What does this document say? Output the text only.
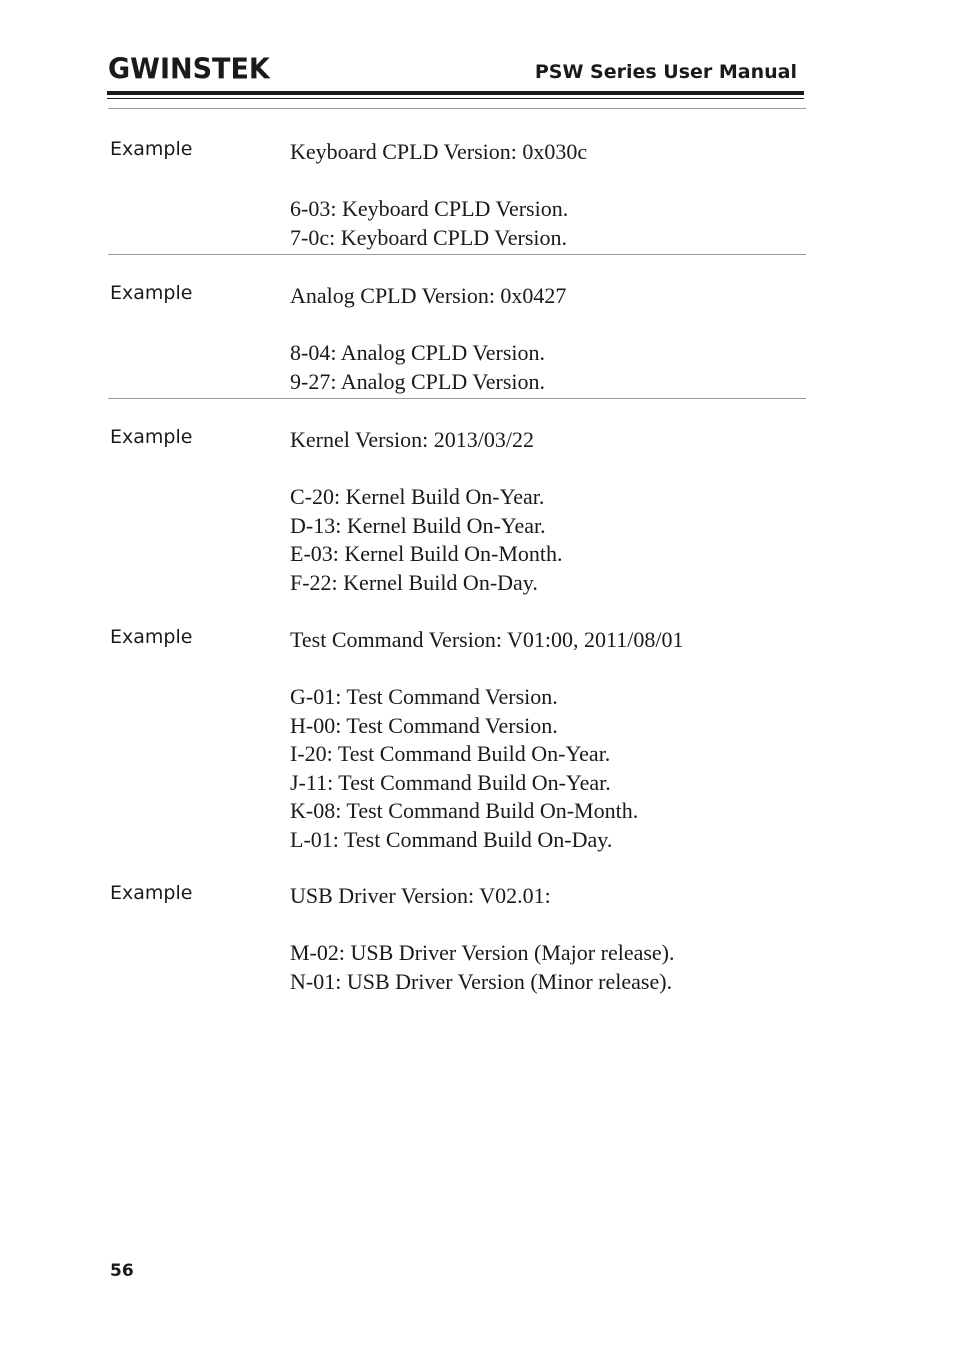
GWINSTEK	PSW Series User Manual
Example	Keyboard CPLD Version: 0x030c
6-03: Keyboard CPLD Version.
7-0c: Keyboard CPLD Version.
Example	Analog CPLD Version: 0x0427
8-04: Analog CPLD Version.
9-27: Analog CPLD Version.
Example	Kernel Version: 2013/03/22
C-20: Kernel Build On-Year.
D-13: Kernel Build On-Year.
E-03: Kernel Build On-Month.
F-22: Kernel Build On-Day.
Example	Test Command Version: V01:00, 2011/08/01
G-01: Test Command Version.
H-00: Test Command Version.
I-20: Test Command Build On-Year.
J-11: Test Command Build On-Year.
K-08: Test Command Build On-Month.
L-01: Test Command Build On-Day.
Example	USB Driver Version: V02.01:
M-02: USB Driver Version (Major release).
N-01: USB Driver Version (Minor release).
56
